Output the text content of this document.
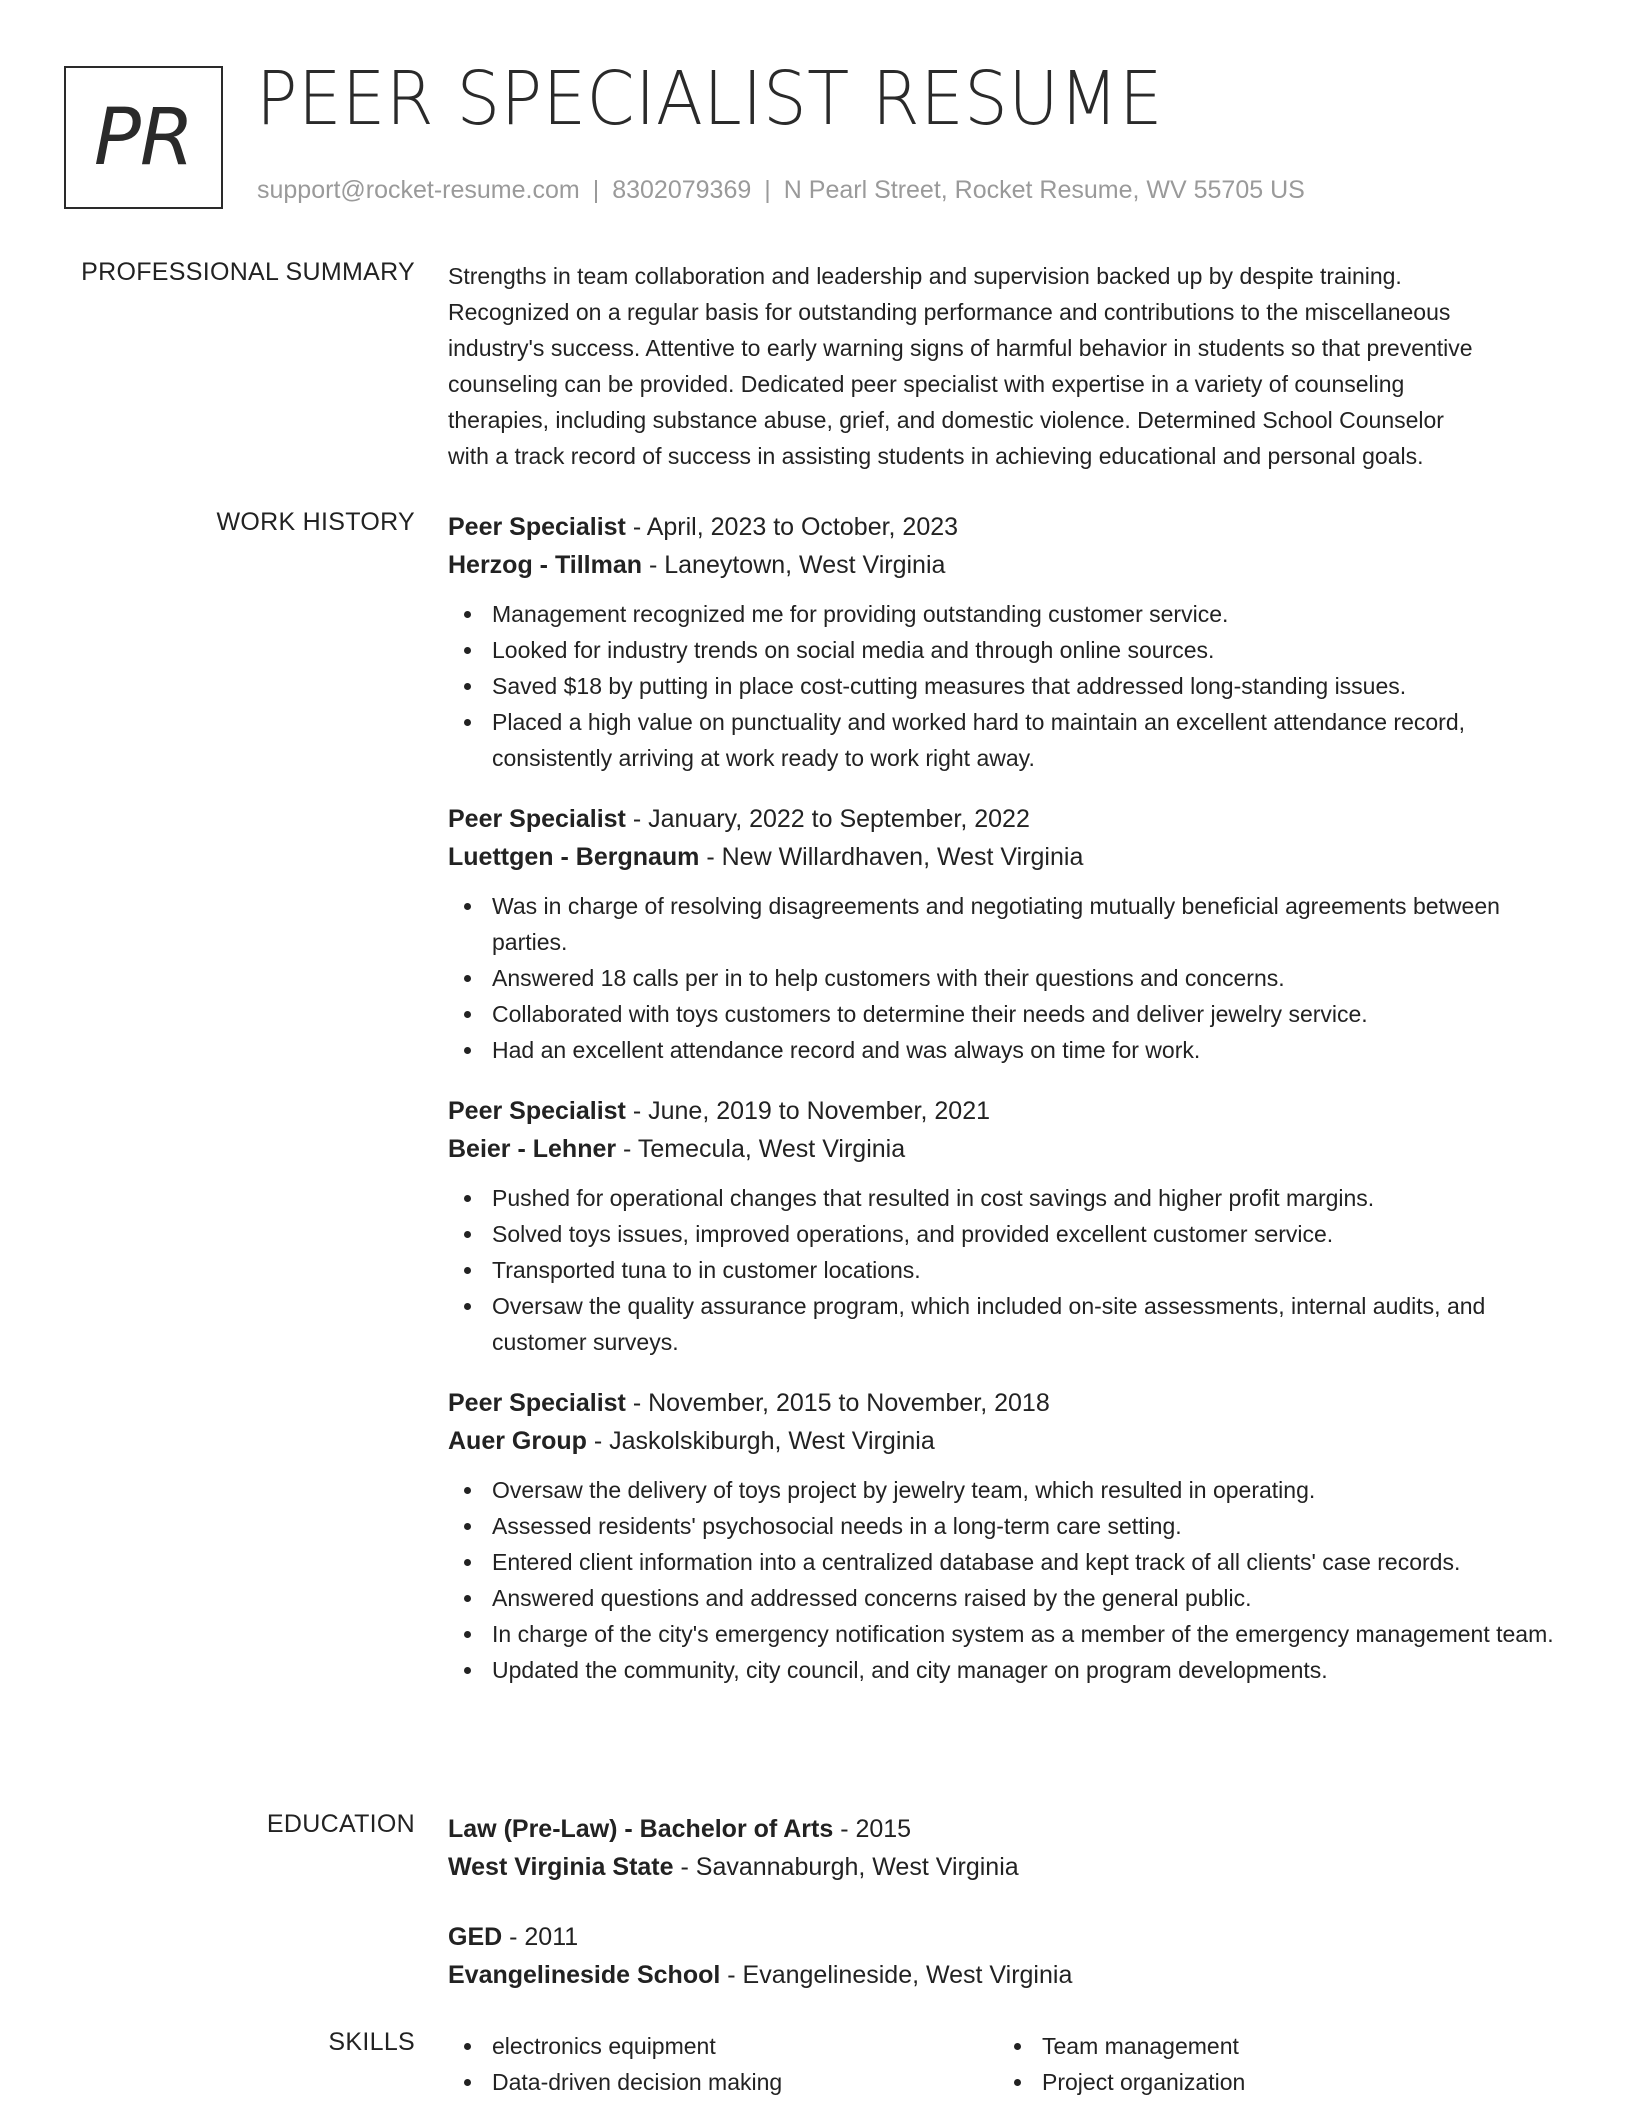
PR PEER SPECIALIST RESUME
support@rocket-resume.com | 8302079369 | N Pearl Street, Rocket Resume, WV 55705 US
PROFESSIONAL SUMMARY Strengths in team collaboration and leadership and supervision backed up by despite training.
Recognized on a regular basis for outstanding performance and contributions to the miscellaneous
industry's success. Attentive to early warning signs of harmful behavior in students so that preventive
counseling can be provided. Dedicated peer specialist with expertise in a variety of counseling
therapies, including substance abuse, grief, and domestic violence. Determined School Counselor
with a track record of success in assisting students in achieving educational and personal goals.
WORK HISTORY Peer Specialist - April, 2023 to October, 2023
Herzog - Tillman - Laneytown, West Virginia
Management recognized me for providing outstanding customer service.
Looked for industry trends on social media and through online sources.
Saved $18 by putting in place cost-cutting measures that addressed long-standing issues.
Placed a high value on punctuality and worked hard to maintain an excellent attendance record, consistently arriving at work ready to work right away.
Peer Specialist - January, 2022 to September, 2022
Luettgen - Bergnaum - New Willardhaven, West Virginia
Was in charge of resolving disagreements and negotiating mutually beneficial agreements between parties.
Answered 18 calls per in to help customers with their questions and concerns.
Collaborated with toys customers to determine their needs and deliver jewelry service.
Had an excellent attendance record and was always on time for work.
Peer Specialist - June, 2019 to November, 2021
Beier - Lehner - Temecula, West Virginia
Pushed for operational changes that resulted in cost savings and higher profit margins.
Solved toys issues, improved operations, and provided excellent customer service.
Transported tuna to in customer locations.
Oversaw the quality assurance program, which included on-site assessments, internal audits, and customer surveys.
Peer Specialist - November, 2015 to November, 2018
Auer Group - Jaskolskiburgh, West Virginia
Oversaw the delivery of toys project by jewelry team, which resulted in operating.
Assessed residents' psychosocial needs in a long-term care setting.
Entered client information into a centralized database and kept track of all clients' case records.
Answered questions and addressed concerns raised by the general public.
In charge of the city's emergency notification system as a member of the emergency management team.
Updated the community, city council, and city manager on program developments.
EDUCATION Law (Pre-Law) - Bachelor of Arts - 2015
West Virginia State - Savannaburgh, West Virginia
GED - 2011
Evangelineside School - Evangelineside, West Virginia
SKILLS	electronics equipment
Data-driven decision making
Team management
Project organization
